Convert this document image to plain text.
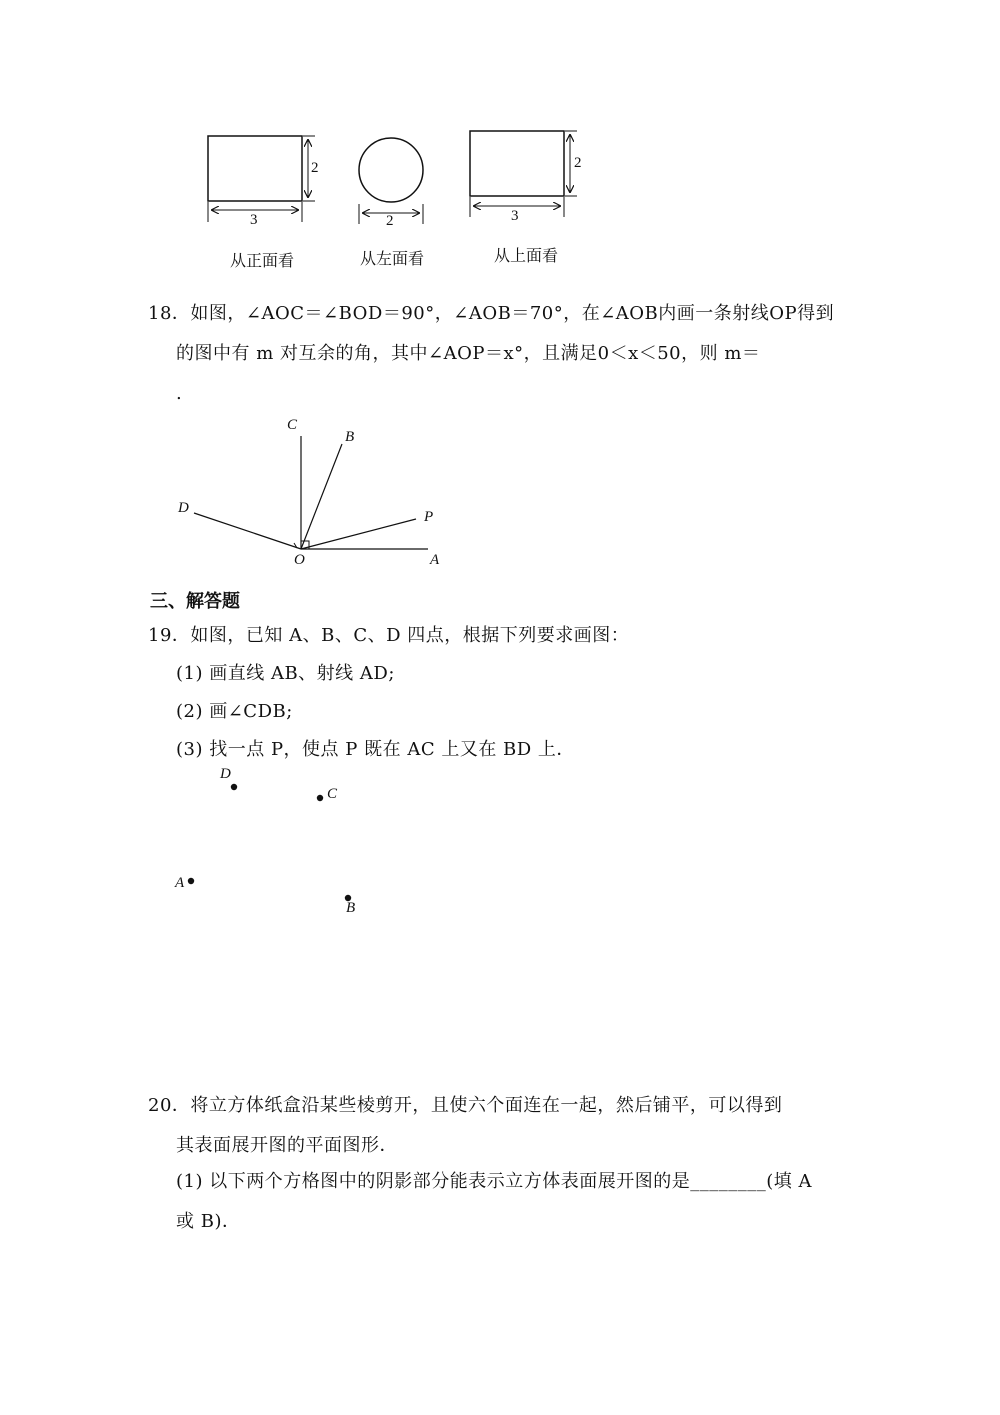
2
3	2
2
3
从正面看	从左面看	从上面看
18．如图，∠AOC＝∠BOD＝90°，∠AOB＝70°，在∠AOB内画一条射线OP得到
的图中有 m 对互余的角，其中∠AOP＝x°，且满足0＜x＜50，则 m＝
.
C
B
D
P
O	A
三、解答题
19．如图，已知 A、B、C、D 四点，根据下列要求画图：
(1) 画直线 AB、射线 AD;
(2) 画∠CDB;
(3) 找一点 P，使点 P 既在 AC 上又在 BD 上．
D
C
A
B
20．将立方体纸盒沿某些棱剪开，且使六个面连在一起，然后铺平，可以得到
其表面展开图的平面图形．
(1) 以下两个方格图中的阴影部分能表示立方体表面展开图的是________(填 A
或 B)．
